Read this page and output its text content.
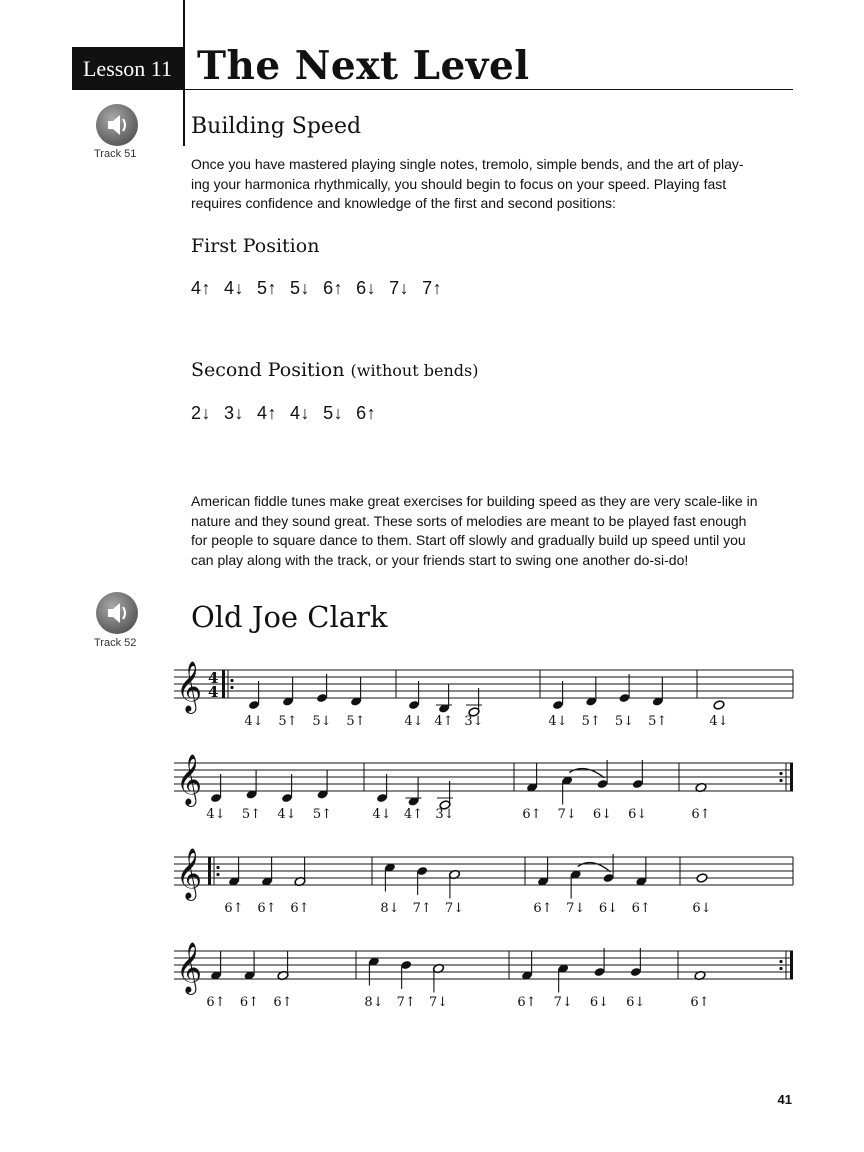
Lesson 11 The Next Level
Track 51
Building Speed
Once you have mastered playing single notes, tremolo, simple bends, and the art of play-
ing your harmonica rhythmically, you should begin to focus on your speed. Playing fast
requires confidence and knowledge of the first and second positions:
First Position
4↑ 4↓ 5↑ 5↓ 6↑ 6↓ 7↓ 7↑
Second Position (without bends)
2↓ 3↓ 4↑ 4↓ 5↓ 6↑
American fiddle tunes make great exercises for building speed as they are very scale-like in
nature and they sound great. These sorts of melodies are meant to be played fast enough
for people to square dance to them. Start off slowly and gradually build up speed until you
can play along with the track, or your friends start to swing one another do-si-do!
Track 52
Old Joe Clark
𝄞 4
4
4↓ 5↑ 5↓ 5↑	4↓ 4↑ 3↓	4↓ 5↑ 5↓ 5↑	4↓
𝄞
4↓ 5↑ 4↓ 5↑	4↓ 4↑ 3↓	6↑ 7↓ 6↓ 6↓	6↑
𝄞
6↑ 6↑ 6↑	8↓ 7↑ 7↓	6↑ 7↓ 6↓ 6↑	6↓
𝄞
6↑ 6↑ 6↑	8↓ 7↑ 7↓	6↑ 7↓ 6↓ 6↓	6↑
41
